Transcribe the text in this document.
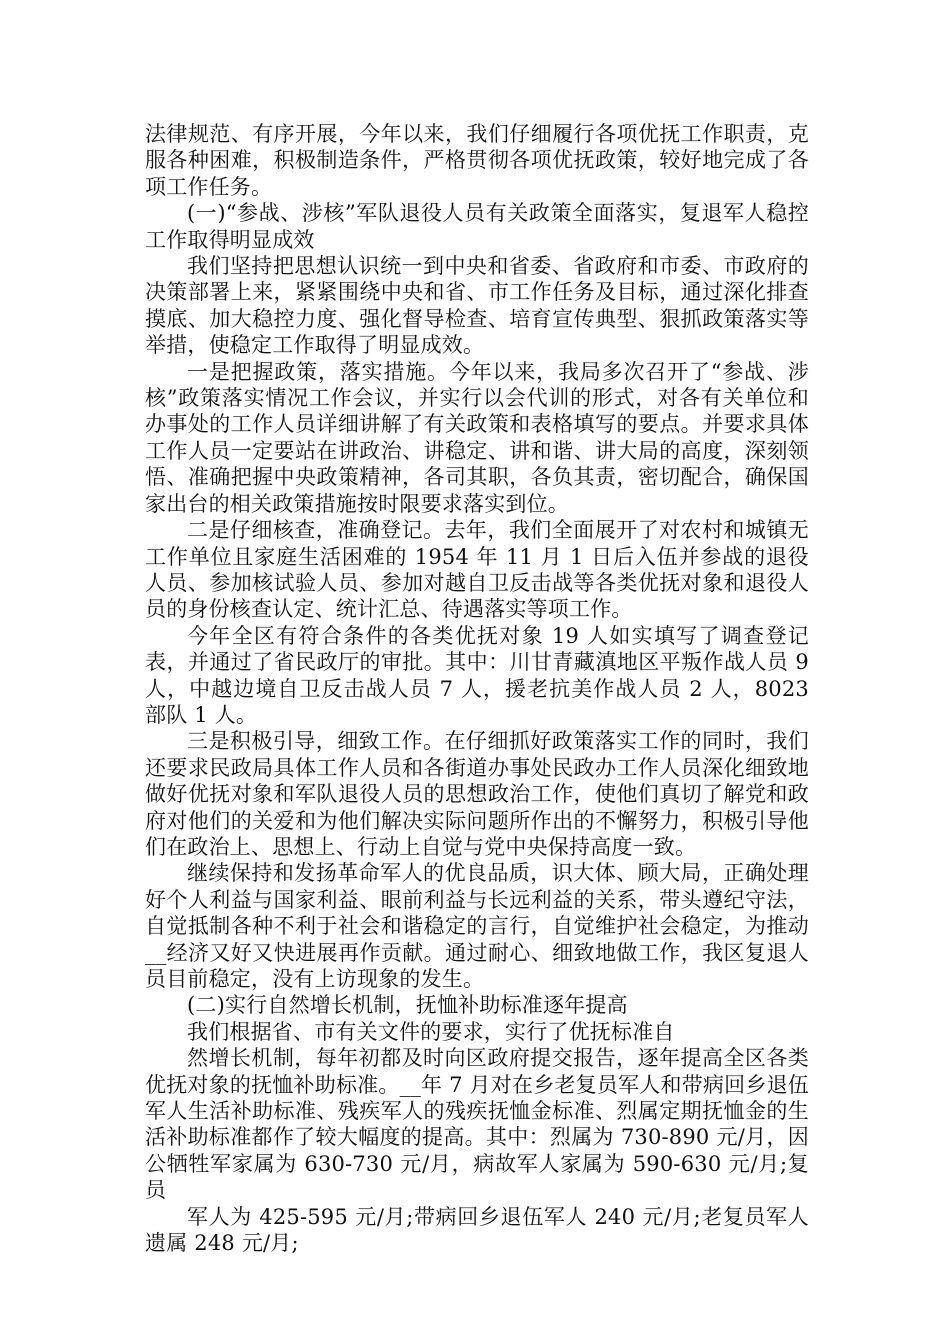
法律规范、有序开展，今年以来，我们仔细履行各项优抚工作职责，克服各种困难，积极制造条件，严格贯彻各项优抚政策，较好地完成了各项工作任务。

(一)“参战、涉核”军队退役人员有关政策全面落实，复退军人稳控工作取得明显成效

我们坚持把思想认识统一到中央和省委、省政府和市委、市政府的决策部署上来，紧紧围绕中央和省、市工作任务及目标，通过深化排查摸底、加大稳控力度、强化督导检查、培育宣传典型、狠抓政策落实等举措，使稳定工作取得了明显成效。

一是把握政策，落实措施。今年以来，我局多次召开了“参战、涉核”政策落实情况工作会议，并实行以会代训的形式，对各有关单位和办事处的工作人员详细讲解了有关政策和表格填写的要点。并要求具体工作人员一定要站在讲政治、讲稳定、讲和谐、讲大局的高度，深刻领悟、准确把握中央政策精神，各司其职，各负其责，密切配合，确保国家出台的相关政策措施按时限要求落实到位。

二是仔细核查，准确登记。去年，我们全面展开了对农村和城镇无工作单位且家庭生活困难的 1954 年 11 月 1 日后入伍并参战的退役人员、参加核试验人员、参加对越自卫反击战等各类优抚对象和退役人员的身份核查认定、统计汇总、待遇落实等项工作。

今年全区有符合条件的各类优抚对象 19 人如实填写了调查登记表，并通过了省民政厅的审批。其中：川甘青藏滇地区平叛作战人员 9 人，中越边境自卫反击战人员 7 人，援老抗美作战人员 2 人，8023 部队 1 人。

三是积极引导，细致工作。在仔细抓好政策落实工作的同时，我们还要求民政局具体工作人员和各街道办事处民政办工作人员深化细致地做好优抚对象和军队退役人员的思想政治工作，使他们真切了解党和政府对他们的关爱和为他们解决实际问题所作出的不懈努力，积极引导他们在政治上、思想上、行动上自觉与党中央保持高度一致。

继续保持和发扬革命军人的优良品质，识大体、顾大局，正确处理好个人利益与国家利益、眼前利益与长远利益的关系，带头遵纪守法，自觉抵制各种不利于社会和谐稳定的言行，自觉维护社会稳定，为推动__经济又好又快进展再作贡献。通过耐心、细致地做工作，我区复退人员目前稳定，没有上访现象的发生。

(二)实行自然增长机制，抚恤补助标准逐年提高

我们根据省、市有关文件的要求，实行了优抚标准自

然增长机制，每年初都及时向区政府提交报告，逐年提高全区各类优抚对象的抚恤补助标准。__年 7 月对在乡老复员军人和带病回乡退伍军人生活补助标准、残疾军人的残疾抚恤金标准、烈属定期抚恤金的生活补助标准都作了较大幅度的提高。其中：烈属为 730-890 元/月，因公牺牲军家属为 630-730 元/月，病故军人家属为 590-630 元/月;复员

军人为 425-595 元/月;带病回乡退伍军人 240 元/月;老复员军人遗属 248 元/月;
